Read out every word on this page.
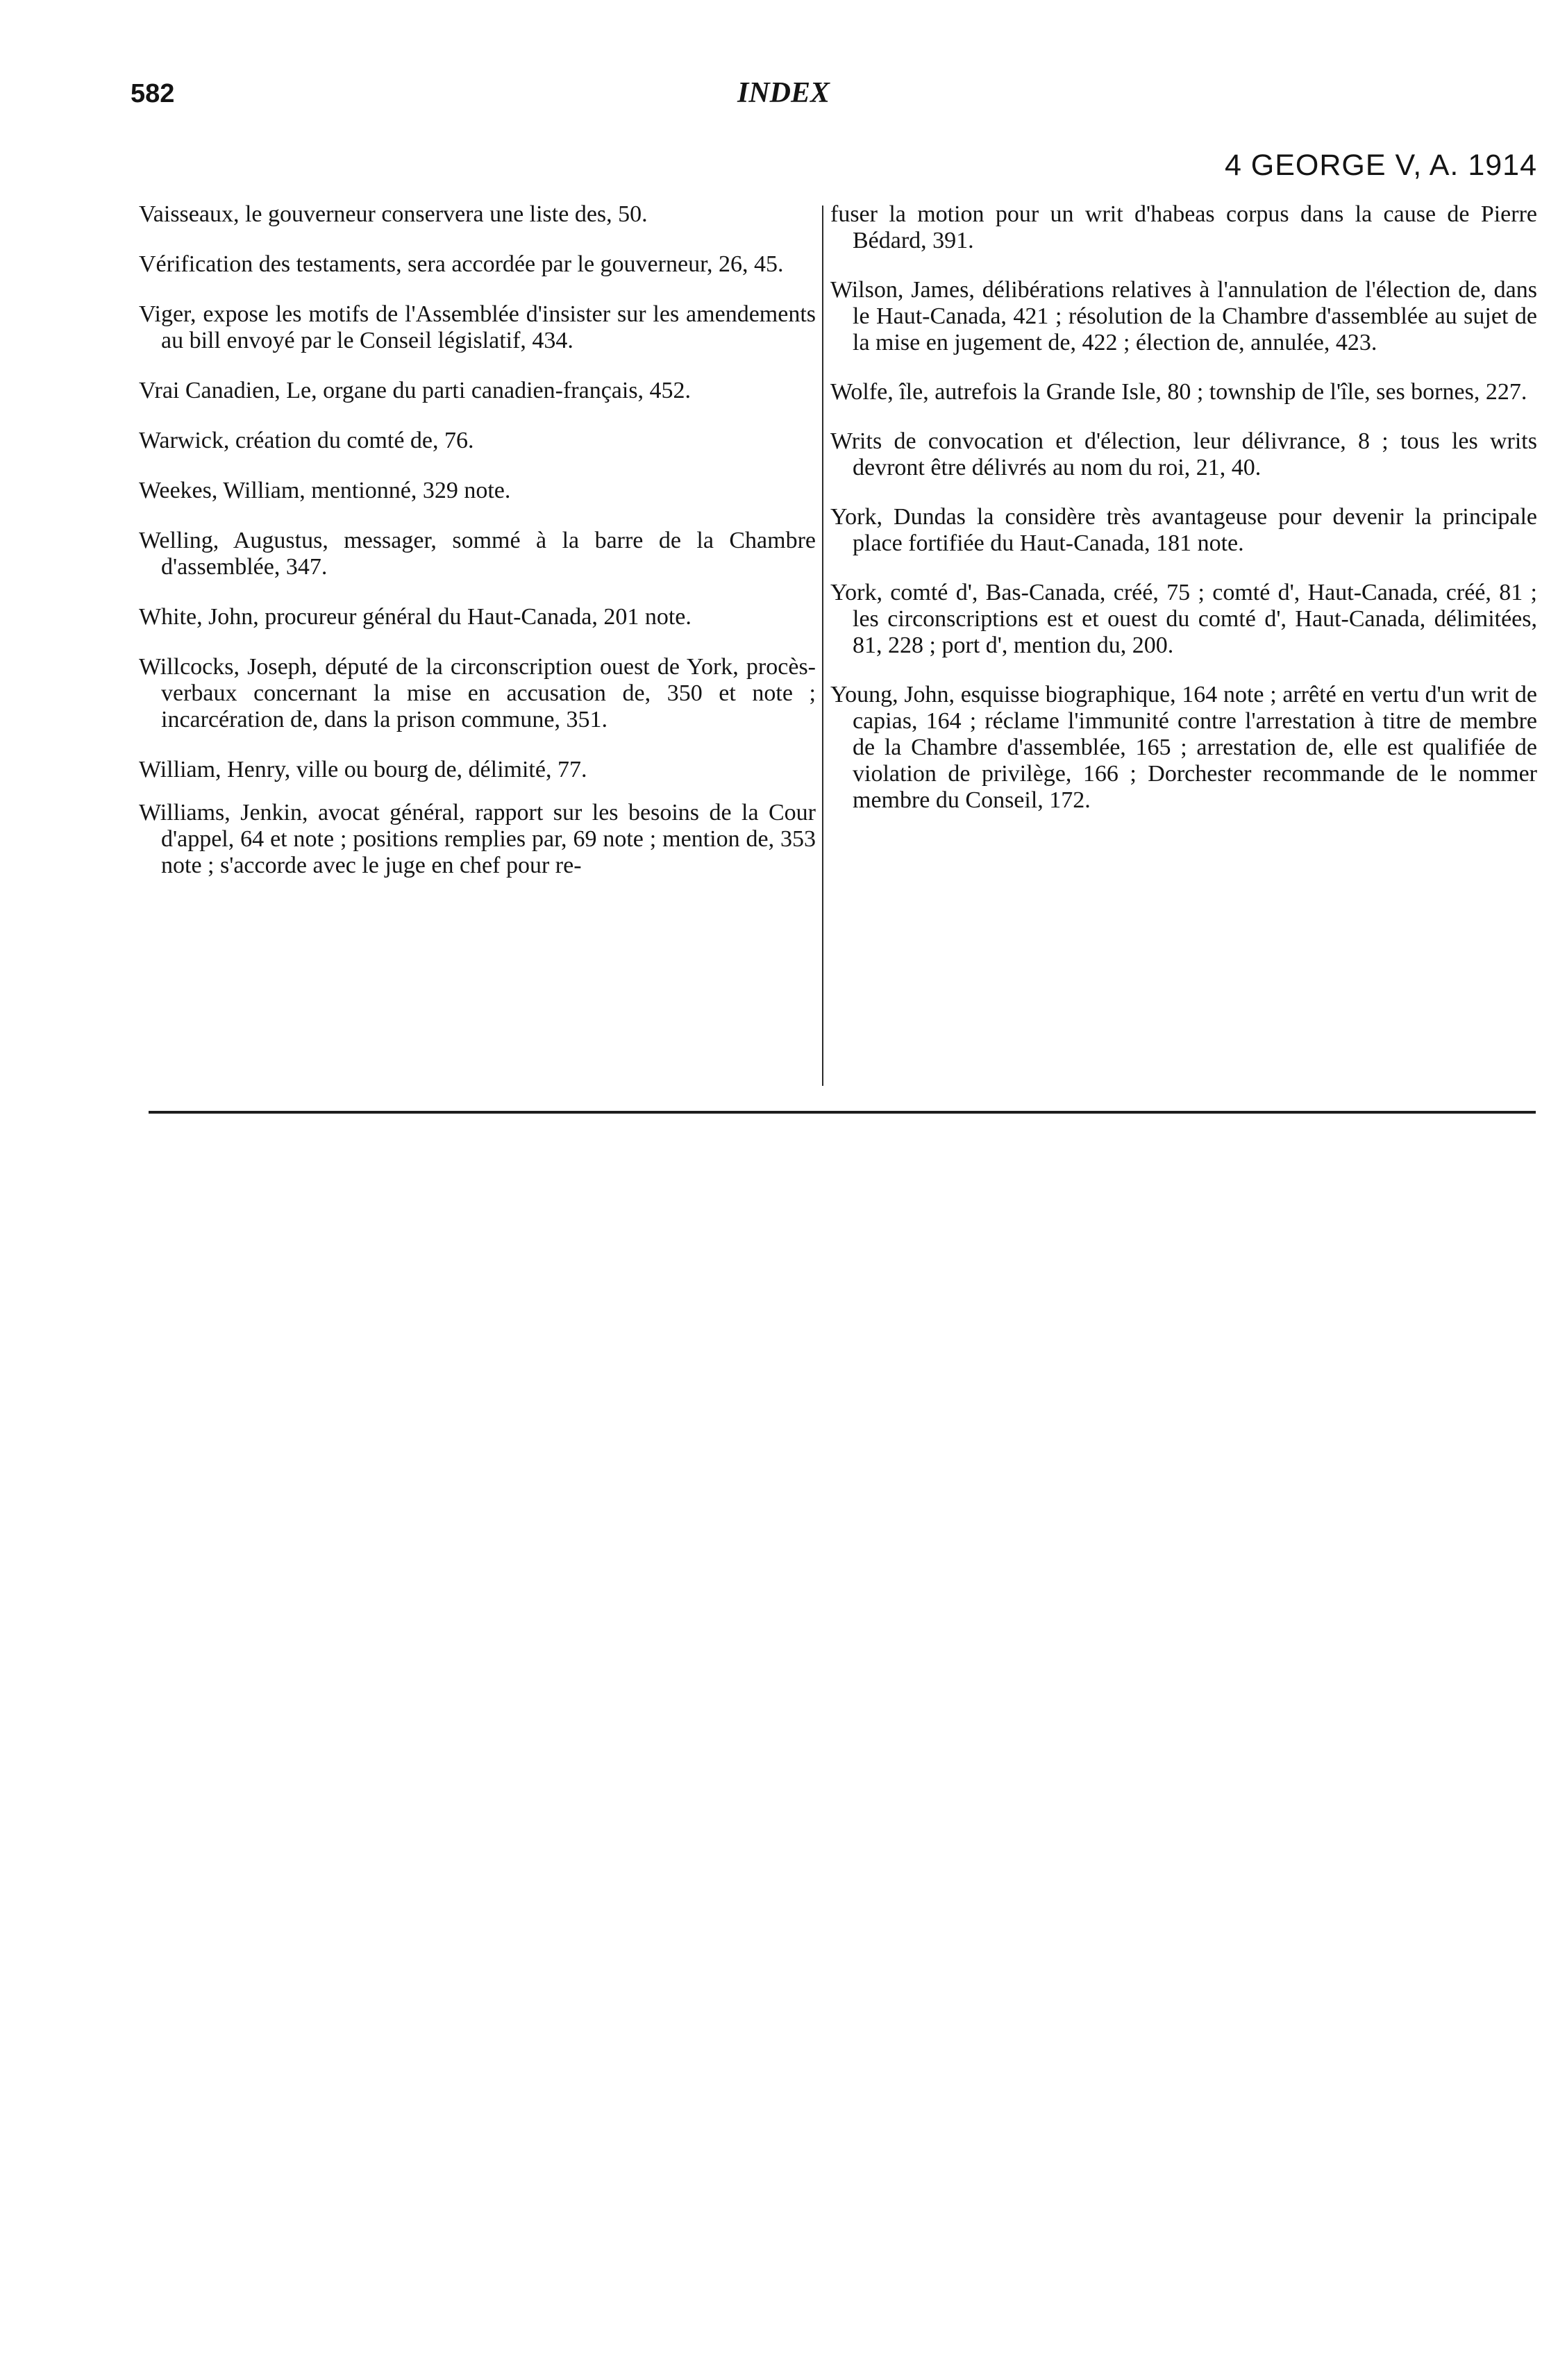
582	INDEX
4 GEORGE V, A. 1914

Vaisseaux, le gouverneur conservera une liste des, 50.

Vérification des testaments, sera accordée par le gouverneur, 26, 45.

Viger, expose les motifs de l'Assemblée d'insister sur les amendements au bill envoyé par le Conseil législatif, 434.

Vrai Canadien, Le, organe du parti canadien-français, 452.

Warwick, création du comté de, 76.

Weekes, William, mentionné, 329 note.

Welling, Augustus, messager, sommé à la barre de la Chambre d'assemblée, 347.

White, John, procureur général du Haut-Canada, 201 note.

Willcocks, Joseph, député de la circonscription ouest de York, procès-verbaux concernant la mise en accusation de, 350 et note ; incarcération de, dans la prison commune, 351.

William, Henry, ville ou bourg de, délimité, 77.

Williams, Jenkin, avocat général, rapport sur les besoins de la Cour d'appel, 64 et note ; positions remplies par, 69 note ; mention de, 353 note ; s'accorde avec le juge en chef pour re-

fuser la motion pour un writ d'habeas corpus dans la cause de Pierre Bédard, 391.

Wilson, James, délibérations relatives à l'annulation de l'élection de, dans le Haut-Canada, 421 ; résolution de la Chambre d'assemblée au sujet de la mise en jugement de, 422 ; élection de, annulée, 423.

Wolfe, île, autrefois la Grande Isle, 80 ; township de l'île, ses bornes, 227.

Writs de convocation et d'élection, leur délivrance, 8 ; tous les writs devront être délivrés au nom du roi, 21, 40.

York, Dundas la considère très avantageuse pour devenir la principale place fortifiée du Haut-Canada, 181 note.

York, comté d', Bas-Canada, créé, 75 ; comté d', Haut-Canada, créé, 81 ; les circonscriptions est et ouest du comté d', Haut-Canada, délimitées, 81, 228 ; port d', mention du, 200.

Young, John, esquisse biographique, 164 note ; arrêté en vertu d'un writ de capias, 164 ; réclame l'immunité contre l'arrestation à titre de membre de la Chambre d'assemblée, 165 ; arrestation de, elle est qualifiée de violation de privilège, 166 ; Dorchester recommande de le nommer membre du Conseil, 172.
